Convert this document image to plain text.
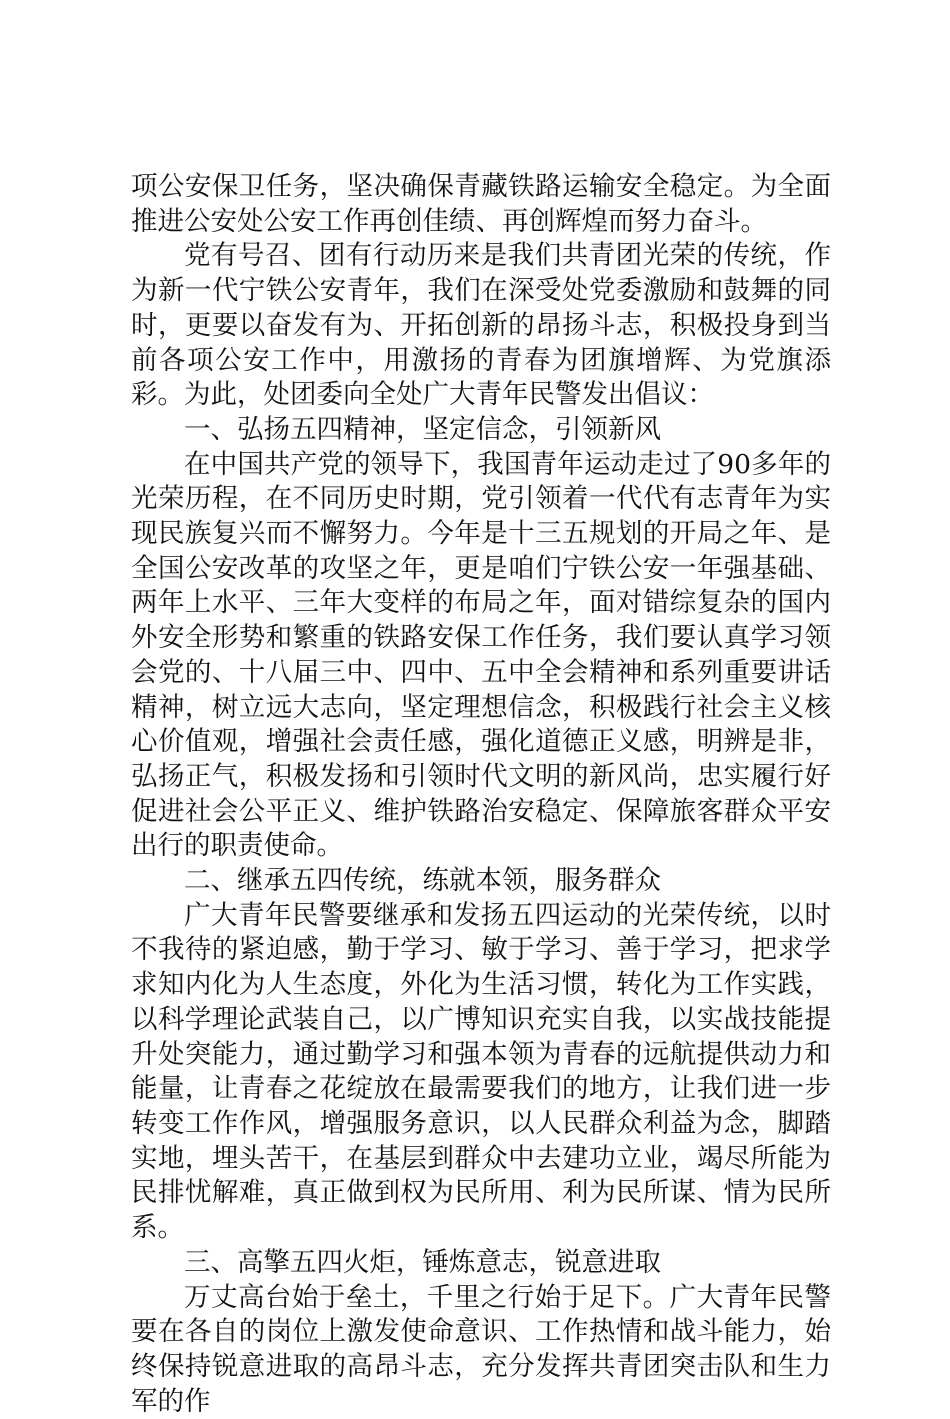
项公安保卫任务，坚决确保青藏铁路运输安全稳定。为全面推进公安处公安工作再创佳绩、再创辉煌而努力奋斗。

党有号召、团有行动历来是我们共青团光荣的传统，作为新一代宁铁公安青年，我们在深受处党委激励和鼓舞的同时，更要以奋发有为、开拓创新的昂扬斗志，积极投身到当前各项公安工作中，用激扬的青春为团旗增辉、为党旗添彩。为此，处团委向全处广大青年民警发出倡议：

一、弘扬五四精神，坚定信念，引领新风

在中国共产党的领导下，我国青年运动走过了90多年的光荣历程，在不同历史时期，党引领着一代代有志青年为实现民族复兴而不懈努力。今年是十三五规划的开局之年、是全国公安改革的攻坚之年，更是咱们宁铁公安一年强基础、两年上水平、三年大变样的布局之年，面对错综复杂的国内外安全形势和繁重的铁路安保工作任务，我们要认真学习领会党的、十八届三中、四中、五中全会精神和系列重要讲话精神，树立远大志向，坚定理想信念，积极践行社会主义核心价值观，增强社会责任感，强化道德正义感，明辨是非，弘扬正气，积极发扬和引领时代文明的新风尚，忠实履行好促进社会公平正义、维护铁路治安稳定、保障旅客群众平安出行的职责使命。

二、继承五四传统，练就本领，服务群众

广大青年民警要继承和发扬五四运动的光荣传统，以时不我待的紧迫感，勤于学习、敏于学习、善于学习，把求学求知内化为人生态度，外化为生活习惯，转化为工作实践，以科学理论武装自己，以广博知识充实自我，以实战技能提升处突能力，通过勤学习和强本领为青春的远航提供动力和能量，让青春之花绽放在最需要我们的地方，让我们进一步转变工作作风，增强服务意识，以人民群众利益为念，脚踏实地，埋头苦干，在基层到群众中去建功立业，竭尽所能为民排忧解难，真正做到权为民所用、利为民所谋、情为民所系。

三、高擎五四火炬，锤炼意志，锐意进取

万丈高台始于垒土，千里之行始于足下。广大青年民警要在各自的岗位上激发使命意识、工作热情和战斗能力，始终保持锐意进取的高昂斗志，充分发挥共青团突击队和生力军的作
